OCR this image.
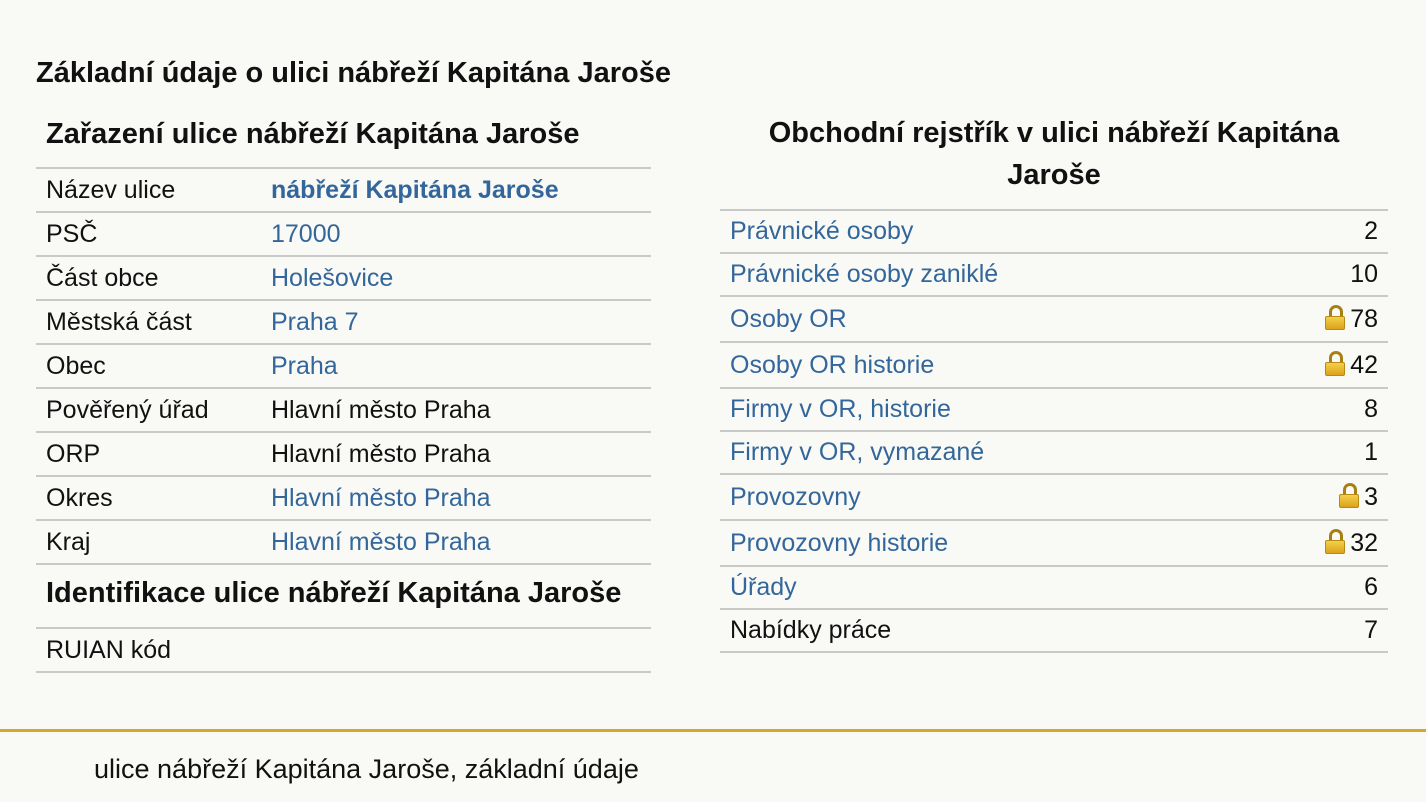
Základní údaje o ulici nábřeží Kapitána Jaroše
Zařazení ulice nábřeží Kapitána Jaroše
Název ulice	nábřeží Kapitána Jaroše
PSČ	17000
Část obce	Holešovice
Městská část	Praha 7
Obec	Praha
Pověřený úřad	Hlavní město Praha
ORP	Hlavní město Praha
Okres	Hlavní město Praha
Kraj	Hlavní město Praha
Identifikace ulice nábřeží Kapitána Jaroše
RUIAN kód	
Obchodní rejstřík v ulici nábřeží Kapitána Jaroše
Právnické osoby	2
Právnické osoby zaniklé	10
Osoby OR	78
Osoby OR historie	42
Firmy v OR, historie	8
Firmy v OR, vymazané	1
Provozovny	3
Provozovny historie	32
Úřady	6
Nabídky práce	7
ulice nábřeží Kapitána Jaroše, základní údaje
